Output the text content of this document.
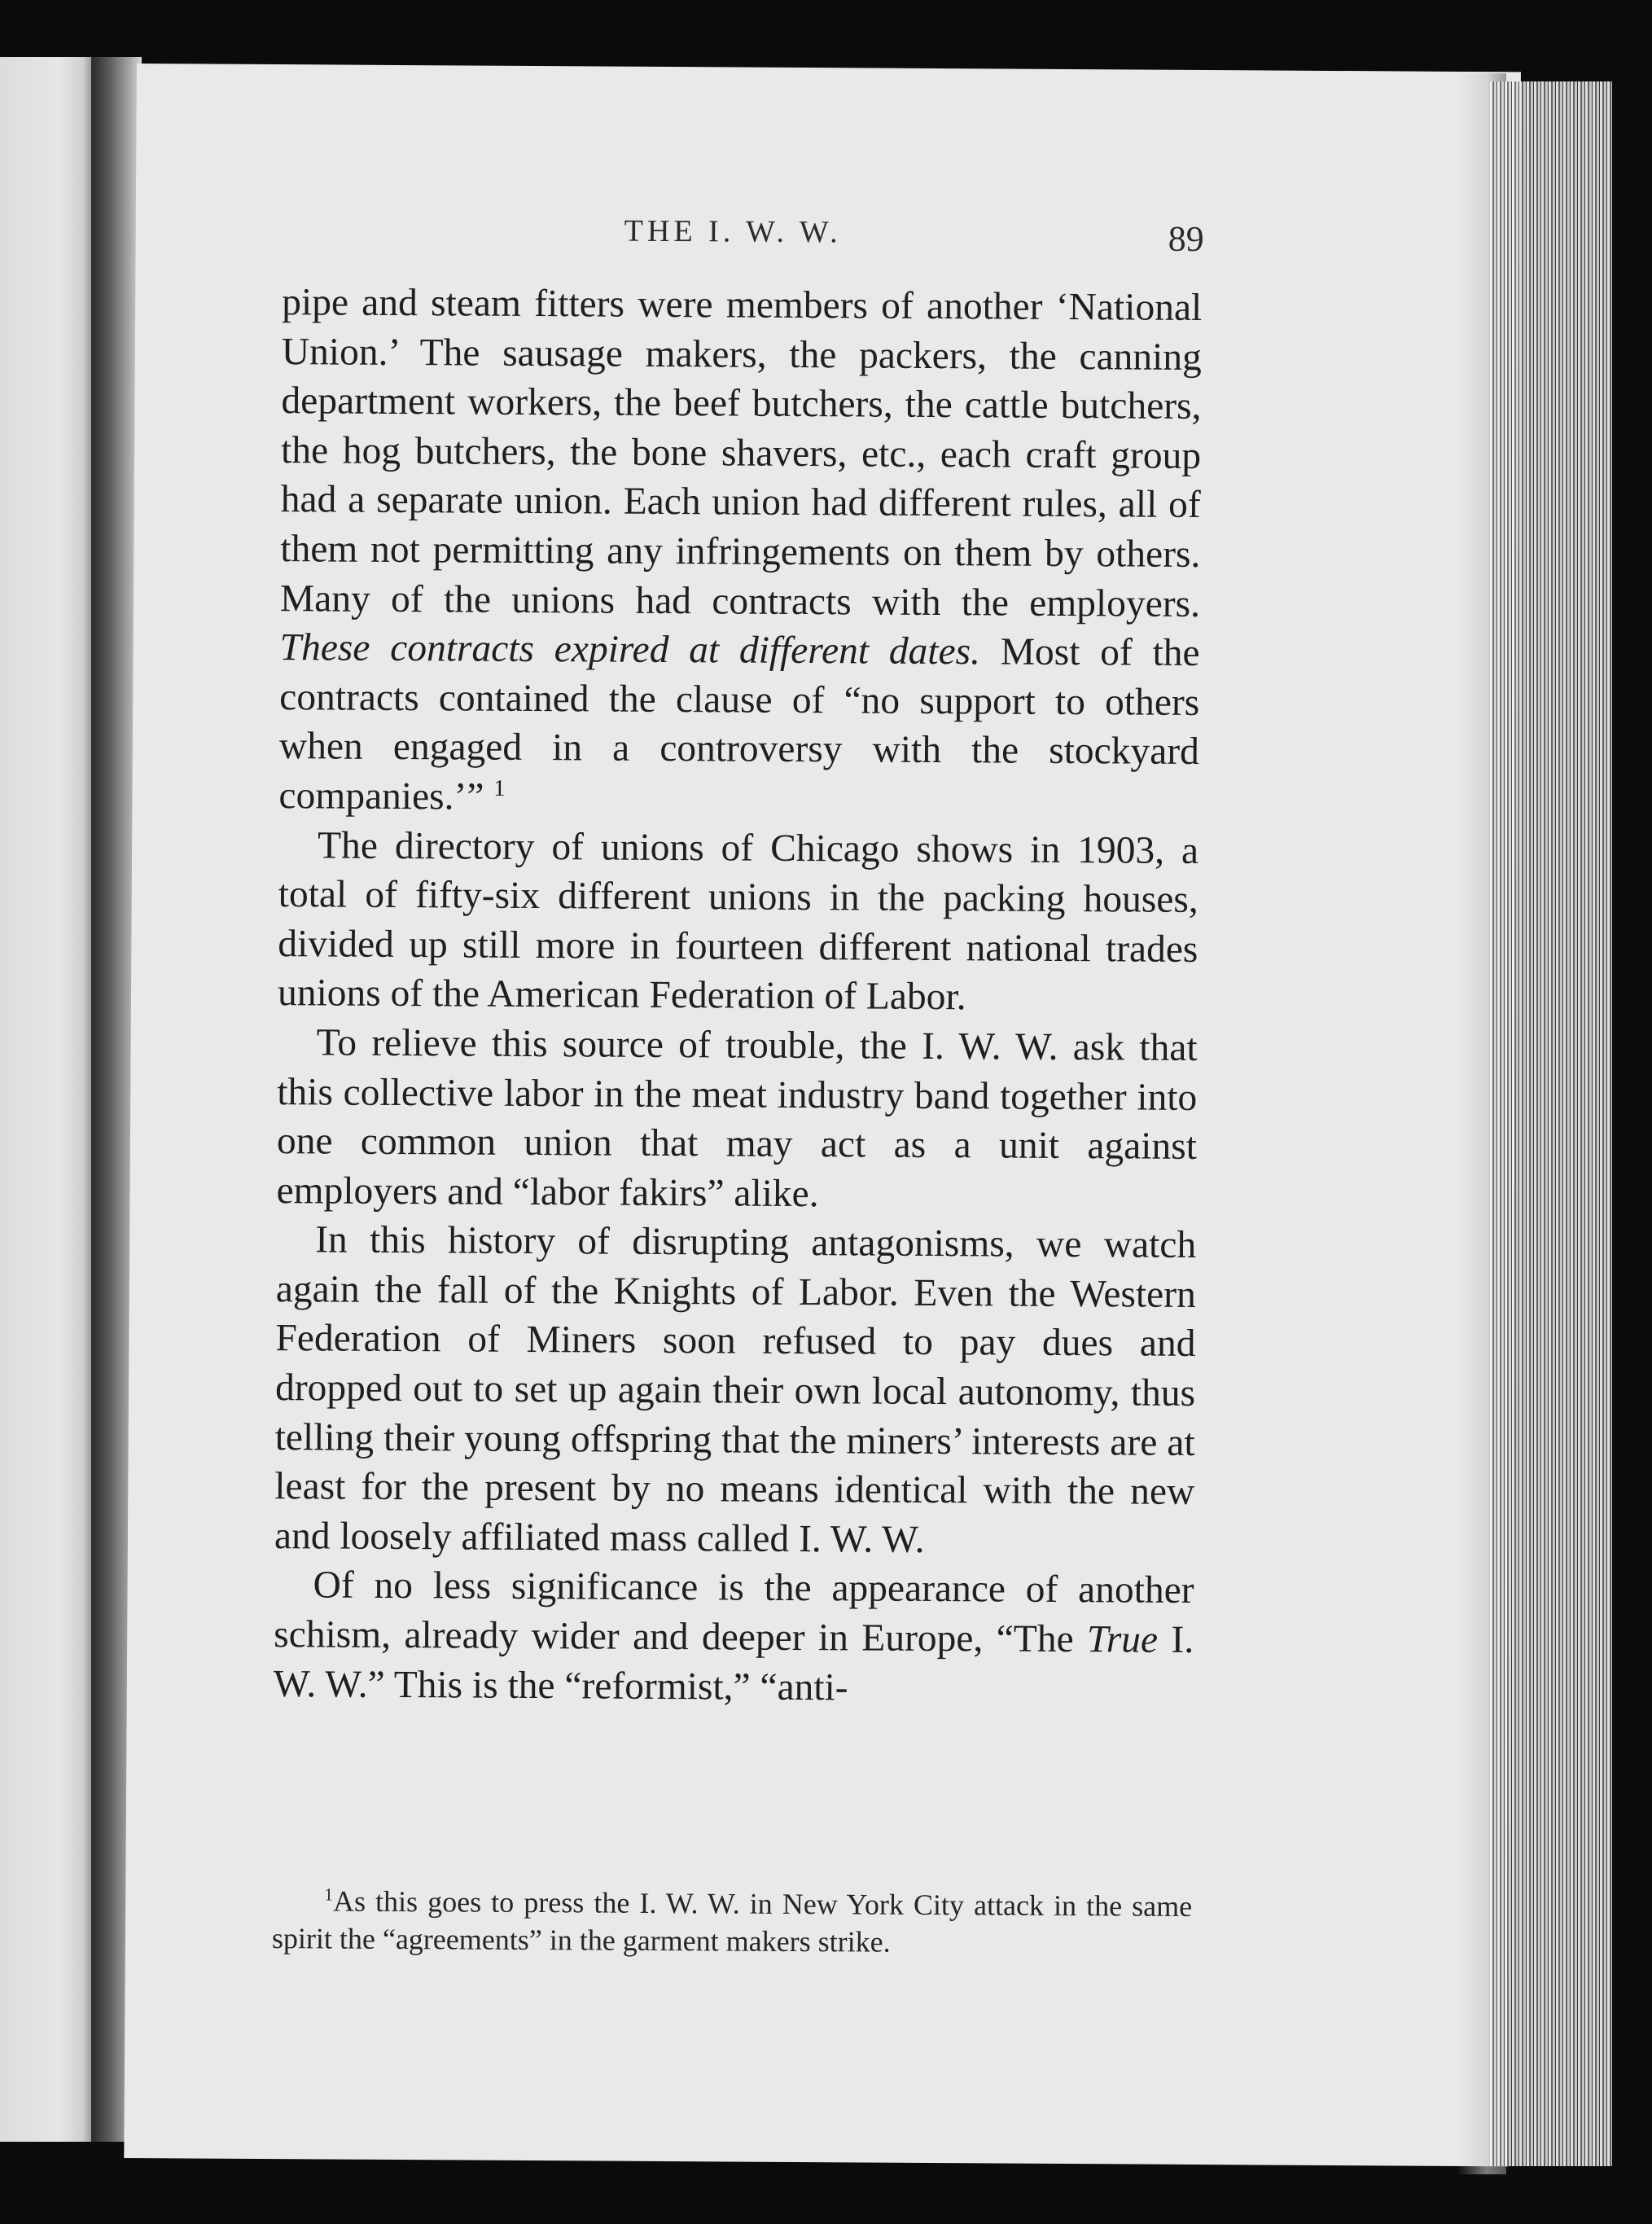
THE I. W. W.	89

pipe and steam fitters were members of another ‘National Union.’ The sausage makers, the packers, the canning department workers, the beef butchers, the cattle butchers, the hog butchers, the bone shavers, etc., each craft group had a separate union. Each union had different rules, all of them not permitting any infringements on them by others. Many of the unions had contracts with the employers. These contracts expired at different dates. Most of the contracts contained the clause of “no support to others when engaged in a controversy with the stockyard companies.’” $^1$

The directory of unions of Chicago shows in 1903, a total of fifty-six different unions in the packing houses, divided up still more in fourteen different national trades unions of the American Federation of Labor.

To relieve this source of trouble, the I. W. W. ask that this collective labor in the meat industry band together into one common union that may act as a unit against employers and “labor fakirs” alike.

In this history of disrupting antagonisms, we watch again the fall of the Knights of Labor. Even the Western Federation of Miners soon refused to pay dues and dropped out to set up again their own local autonomy, thus telling their young offspring that the miners’ interests are at least for the present by no means identical with the new and loosely affiliated mass called I. W. W.

Of no less significance is the appearance of another schism, already wider and deeper in Europe, “The True I. W. W.” This is the “reformist,” “anti-

$^1$As this goes to press the I. W. W. in New York City attack in the same spirit the “agreements” in the garment makers strike.
